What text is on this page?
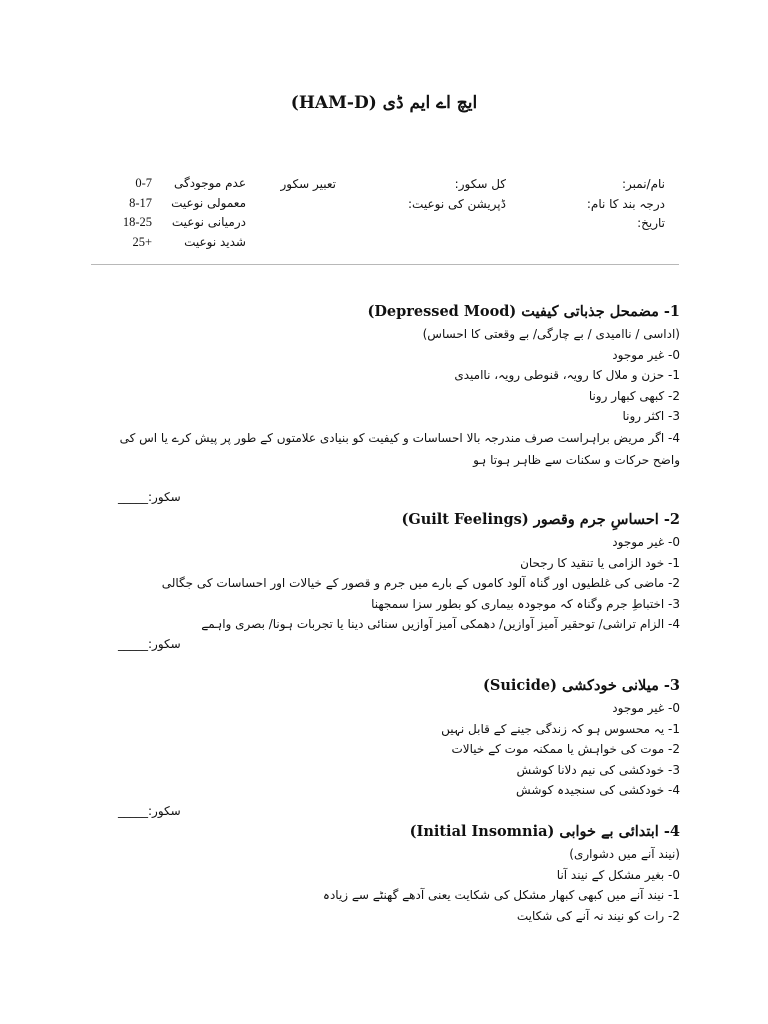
ایچ اے ایم ڈی (HAM-D)
نام/نمبر:
درجہ بند کا نام:
تاریخ:
کل سکور:
ڈپریشن کی نوعیت:
تعبیر سکور
عدم موجودگی
معمولی نوعیت
درمیانی نوعیت
شدید نوعیت
0-7
8-17
18-25
25+
1- مضمحل جذباتی کیفیت (Depressed Mood)
(اداسی / ناامیدی / بے چارگی/ بے وقعتی کا احساس)
0- غیر موجود
1- حزن و ملال کا رویہ، قنوطی رویہ، ناامیدی
2- کبھی کبھار رونا
3- اکثر رونا
4- اگر مریض براہراست صرف مندرجہ بالا احساسات و کیفیت کو بنیادی علامتوں کے طور پر پیش کرے یا اس کی واضح حرکات و سکنات سے ظاہر ہوتا ہو
سکور:_____
2- احساسِ جرم وقصور (Guilt Feelings)
0- غیر موجود
1- خود الزامی یا تنقید کا رجحان
2- ماضی کی غلطیوں اور گناہ آلود کاموں کے بارے میں جرم و قصور کے خیالات اور احساسات کی جگالی
3- اختباطِ جرم وگناہ کہ موجودہ بیماری کو بطور سزا سمجھنا
4- الزام تراشی/ توحقیر آمیز آوازیں/ دھمکی آمیز آوازیں سنائی دینا یا تجربات ہونا/ بصری واہمے
سکور:_____
3- میلانی خودکشی (Suicide)
0- غیر موجود
1- یہ محسوس ہو کہ زندگی جینے کے قابل نہیں
2- موت کی خواہش یا ممکنہ موت کے خیالات
3- خودکشی کی نیم دلانا کوشش
4- خودکشی کی سنجیدہ کوشش
سکور:_____
4- ابتدائی بے خوابی (Initial Insomnia)
(نیند آنے میں دشواری)
0- بغیر مشکل کے نیند آنا
1- نیند آنے میں کبھی کبھار مشکل کی شکایت یعنی آدھے گھنٹے سے زیادہ
2- رات کو نیند نہ آنے کی شکایت
